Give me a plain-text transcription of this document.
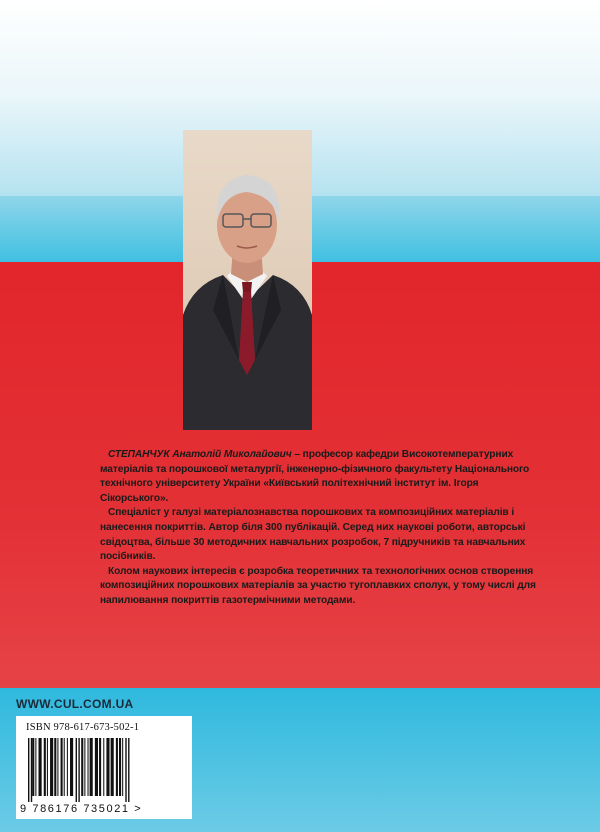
СТЕПАНЧУК Анатолій Миколайович – професор кафедри Високотемпературних матеріалів та порошкової металургії, інженерно-фізичного факультету Національного технічного університету України «Київський політехнічний інститут ім. Ігоря Сікорського».

Спеціаліст у галузі матеріалознавства порошкових та композиційних матеріалів і нанесення покриттів. Автор біля 300 публікацій. Серед них наукові роботи, авторські свідоцтва, більше 30 методичних навчальних розробок, 7 підручників та навчальних посібників.

Колом наукових інтересів є розробка теоретичних та технологічних основ створення композиційних порошкових матеріалів за участю тугоплавких сполук, у тому числі для напилювання покриттів газотермічними методами.

WWW.CUL.COM.UA
ISBN 978-617-673-502-1
9 786176 735021 >
